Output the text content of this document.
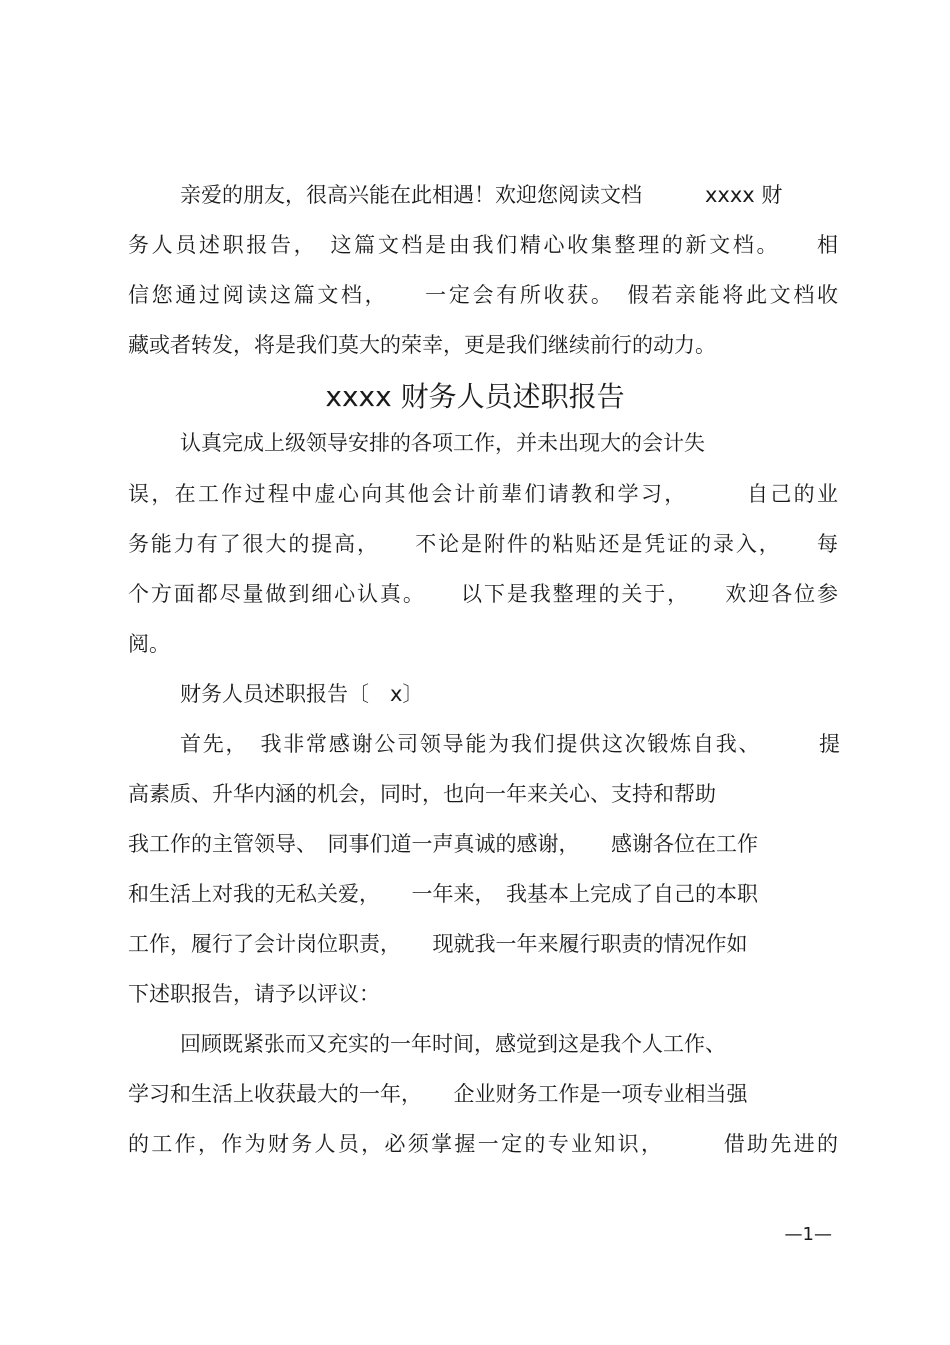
亲爱的朋友，很高兴能在此相遇！欢迎您阅读文档　　　xxxx 财
务人员述职报告，　这篇文档是由我们精心收集整理的新文档。　　相
信您通过阅读这篇文档，　　一定会有所收获。　假若亲能将此文档收
藏或者转发，将是我们莫大的荣幸，更是我们继续前行的动力。
xxxx 财务人员述职报告
认真完成上级领导安排的各项工作，并未出现大的会计失
误，在工作过程中虚心向其他会计前辈们请教和学习，　　　自己的业
务能力有了很大的提高，　　不论是附件的粘贴还是凭证的录入，　　每
个方面都尽量做到细心认真。　　以下是我整理的关于，　　欢迎各位参
阅。
财务人员述职报告〔　x〕
首先，　我非常感谢公司领导能为我们提供这次锻炼自我、　　　提
高素质、升华内涵的机会，同时，也向一年来关心、支持和帮助
我工作的主管领导、　同事们道一声真诚的感谢，　　感谢各位在工作
和生活上对我的无私关爱，　　一年来，　我基本上完成了自己的本职
工作，履行了会计岗位职责，　　现就我一年来履行职责的情况作如
下述职报告，请予以评议：
回顾既紧张而又充实的一年时间，感觉到这是我个人工作、
学习和生活上收获最大的一年，　　企业财务工作是一项专业相当强
的工作，作为财务人员，必须掌握一定的专业知识，　　　借助先进的
—1—
